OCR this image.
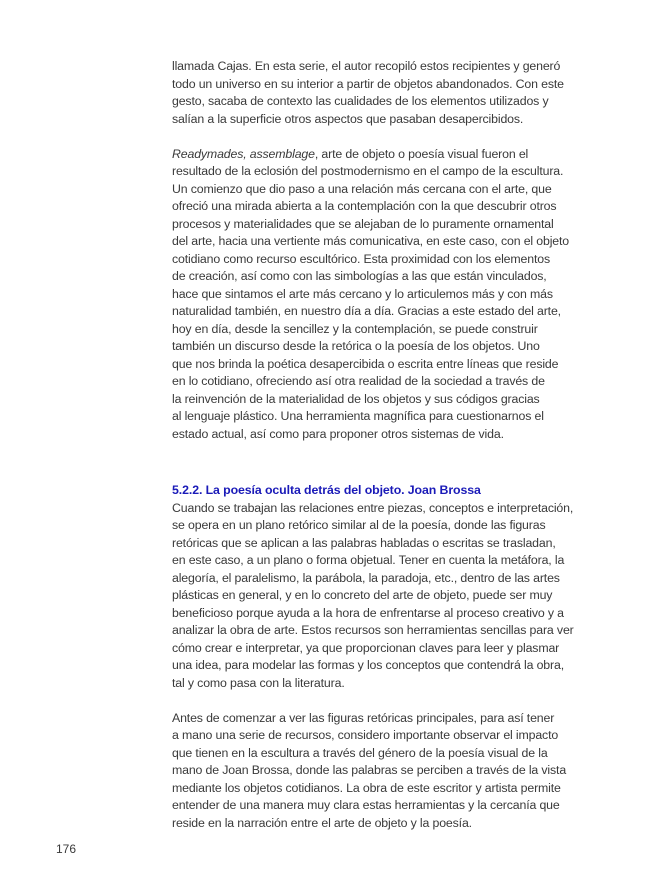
llamada Cajas. En esta serie, el autor recopiló estos recipientes y generó
todo un universo en su interior a partir de objetos abandonados. Con este
gesto, sacaba de contexto las cualidades de los elementos utilizados y
salían a la superficie otros aspectos que pasaban desapercibidos.

Readymades, assemblage, arte de objeto o poesía visual fueron el
resultado de la eclosión del postmodernismo en el campo de la escultura.
Un comienzo que dio paso a una relación más cercana con el arte, que
ofreció una mirada abierta a la contemplación con la que descubrir otros
procesos y materialidades que se alejaban de lo puramente ornamental
del arte, hacia una vertiente más comunicativa, en este caso, con el objeto
cotidiano como recurso escultórico. Esta proximidad con los elementos
de creación, así como con las simbologías a las que están vinculados,
hace que sintamos el arte más cercano y lo articulemos más y con más
naturalidad también, en nuestro día a día. Gracias a este estado del arte,
hoy en día, desde la sencillez y la contemplación, se puede construir
también un discurso desde la retórica o la poesía de los objetos. Uno
que nos brinda la poética desapercibida o escrita entre líneas que reside
en lo cotidiano, ofreciendo así otra realidad de la sociedad a través de
la reinvención de la materialidad de los objetos y sus códigos gracias
al lenguaje plástico. Una herramienta magnífica para cuestionarnos el
estado actual, así como para proponer otros sistemas de vida.

5.2.2. La poesía oculta detrás del objeto. Joan Brossa

Cuando se trabajan las relaciones entre piezas, conceptos e interpretación,
se opera en un plano retórico similar al de la poesía, donde las figuras
retóricas que se aplican a las palabras habladas o escritas se trasladan,
en este caso, a un plano o forma objetual. Tener en cuenta la metáfora, la
alegoría, el paralelismo, la parábola, la paradoja, etc., dentro de las artes
plásticas en general, y en lo concreto del arte de objeto, puede ser muy
beneficioso porque ayuda a la hora de enfrentarse al proceso creativo y a
analizar la obra de arte. Estos recursos son herramientas sencillas para ver
cómo crear e interpretar, ya que proporcionan claves para leer y plasmar
una idea, para modelar las formas y los conceptos que contendrá la obra,
tal y como pasa con la literatura.

Antes de comenzar a ver las figuras retóricas principales, para así tener
a mano una serie de recursos, considero importante observar el impacto
que tienen en la escultura a través del género de la poesía visual de la
mano de Joan Brossa, donde las palabras se perciben a través de la vista
mediante los objetos cotidianos. La obra de este escritor y artista permite
entender de una manera muy clara estas herramientas y la cercanía que
reside en la narración entre el arte de objeto y la poesía.

176
